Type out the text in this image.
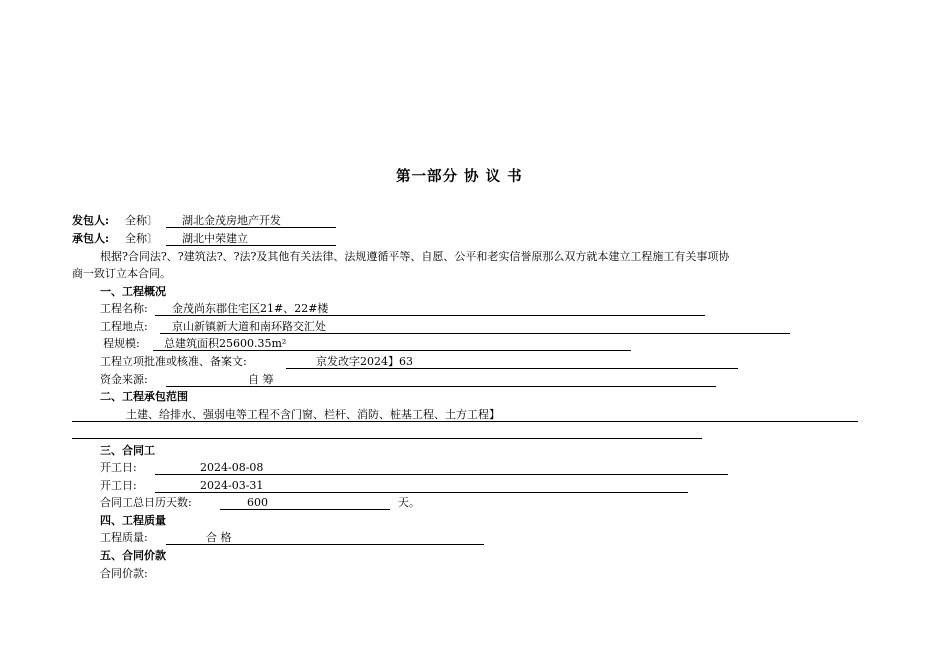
第一部分 协 议 书
发包人: 全称〕 湖北金茂房地产开发
承包人: 全称〕 湖北中荣建立
根据?合同法?、?建筑法?、?法?及其他有关法律、法规遵循平等、自愿、公平和老实信誉原那么双方就本建立工程施工有关事项协
商一致订立本合同。
一、工程概况
工程名称: 金茂尚东郡住宅区21#、22#楼
工程地点: 京山新镇新大道和南环路交汇处
程规模: 总建筑面积25600.35m²
工程立项批准或核准、备案文:	京发改字2024】63
资金来源:	自 筹
二、工程承包范围
土建、给排水、强弱电等工程不含门窗、栏杆、消防、桩基工程、土方工程】
三、合同工
开工日:	2024-08-08
开工日:	2024-03-31
合同工总日历天数:	600	天。
四、工程质量
工程质量:	合 格
五、合同价款
合同价款:
